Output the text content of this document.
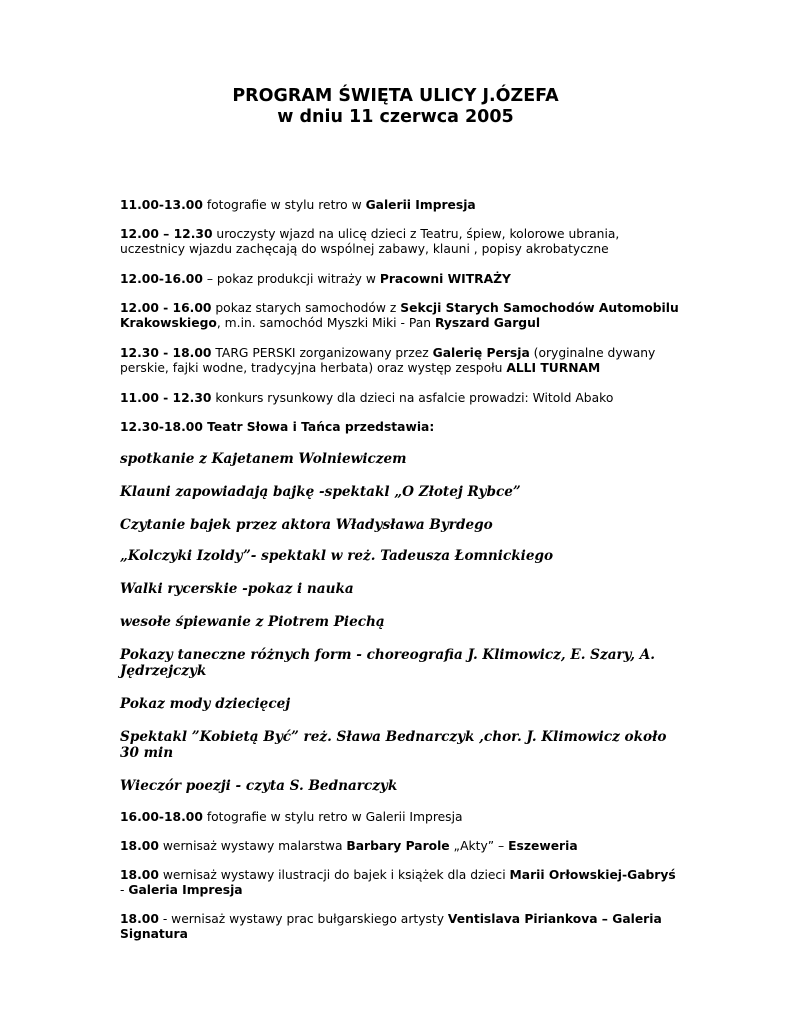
PROGRAM ŚWIĘTA ULICY J.ÓZEFA
w dniu 11 czerwca 2005

11.00-13.00 fotografie w stylu retro w Galerii Impresja

12.00 – 12.30 uroczysty wjazd na ulicę dzieci z Teatru, śpiew, kolorowe ubrania, uczestnicy wjazdu zachęcają do wspólnej zabawy, klauni , popisy akrobatyczne

12.00-16.00 – pokaz produkcji witraży w Pracowni WITRAŻY

12.00 - 16.00 pokaz starych samochodów z Sekcji Starych Samochodów Automobilu Krakowskiego, m.in. samochód Myszki Miki - Pan Ryszard Gargul

12.30 - 18.00 TARG PERSKI zorganizowany przez Galerię Persja (oryginalne dywany perskie, fajki wodne, tradycyjna herbata) oraz występ zespołu ALLI TURNAM

11.00 - 12.30 konkurs rysunkowy dla dzieci na asfalcie prowadzi: Witold Abako

12.30-18.00 Teatr Słowa i Tańca przedstawia:

spotkanie z Kajetanem Wolniewiczem

Klauni zapowiadają bajkę -spektakl „O Złotej Rybce”

Czytanie bajek przez aktora Władysława Byrdego

„Kolczyki Izoldy”- spektakl w reż. Tadeusza Łomnickiego

Walki rycerskie -pokaz i nauka

wesołe śpiewanie z Piotrem Piechą

Pokazy taneczne różnych form - choreografia J. Klimowicz, E. Szary, A. Jędrzejczyk

Pokaz mody dziecięcej

Spektakl ”Kobietą Być” reż. Sława Bednarczyk ,chor. J. Klimowicz około 30 min

Wieczór poezji - czyta S. Bednarczyk

16.00-18.00 fotografie w stylu retro w Galerii Impresja

18.00 wernisaż wystawy malarstwa Barbary Parole „Akty” – Eszeweria

18.00 wernisaż wystawy ilustracji do bajek i książek dla dzieci Marii Orłowskiej-Gabryś - Galeria Impresja

18.00 - wernisaż wystawy prac bułgarskiego artysty Ventislava Piriankova – Galeria Signatura
